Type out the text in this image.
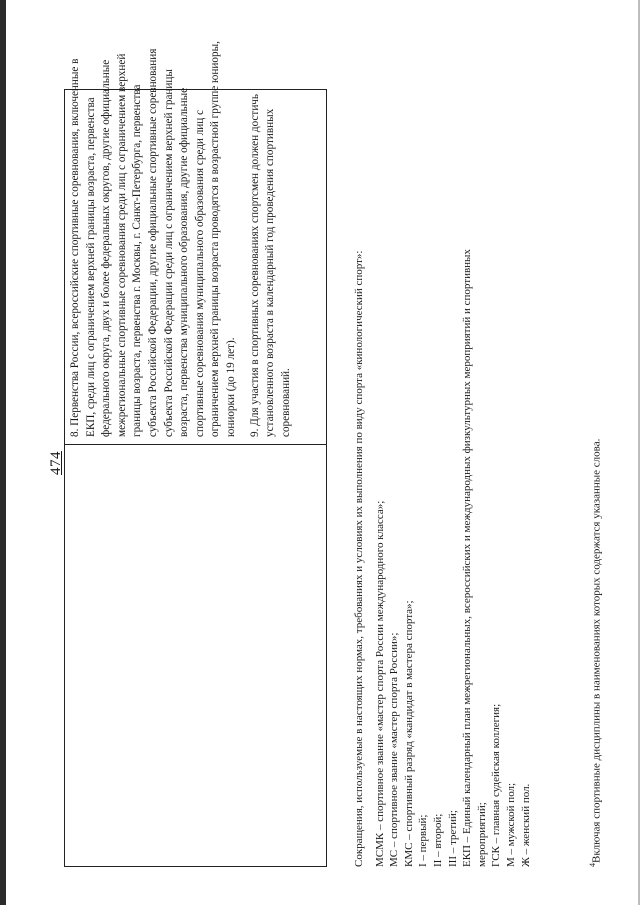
474

8. Первенства России, всероссийские спортивные соревнования, включенные в
ЕКП, среди лиц с ограничением верхней границы возраста, первенства
федерального округа, двух и более федеральных округов, другие официальные
межрегиональные спортивные соревнования среди лиц с ограничением верхней
границы возраста, первенства г. Москвы, г. Санкт-Петербурга, первенства
субъекта Российской Федерации, другие официальные спортивные соревнования
субъекта Российской Федерации среди лиц с ограничением верхней границы
возраста, первенства муниципального образования, другие официальные
спортивные соревнования муниципального образования среди лиц с
ограничением верхней границы возраста проводятся в возрастной группе юниоры,
юниорки (до 19 лет).

9. Для участия в спортивных соревнованиях спортсмен должен достичь
установленного возраста в календарный год проведения спортивных
соревнований.	Сокращения, используемые в настоящих нормах, требованиях и условиях их выполнения по виду спорта «кинологический спорт»: МСМК – спортивное звание «мастер спорта России международного класса»; МС – спортивное звание «мастер спорта России»; КМС – спортивный разряд «кандидат в мастера спорта»; I – первый; II – второй; III – третий; ЕКП – Единый календарный план межрегиональных, всероссийских и международных физкультурных мероприятий и спортивных
мероприятий; ГСК – главная судейская коллегия; М – мужской пол; Ж – женский пол.	$^4$Включая спортивные дисциплины в наименованиях которых содержатся указанные слова.
